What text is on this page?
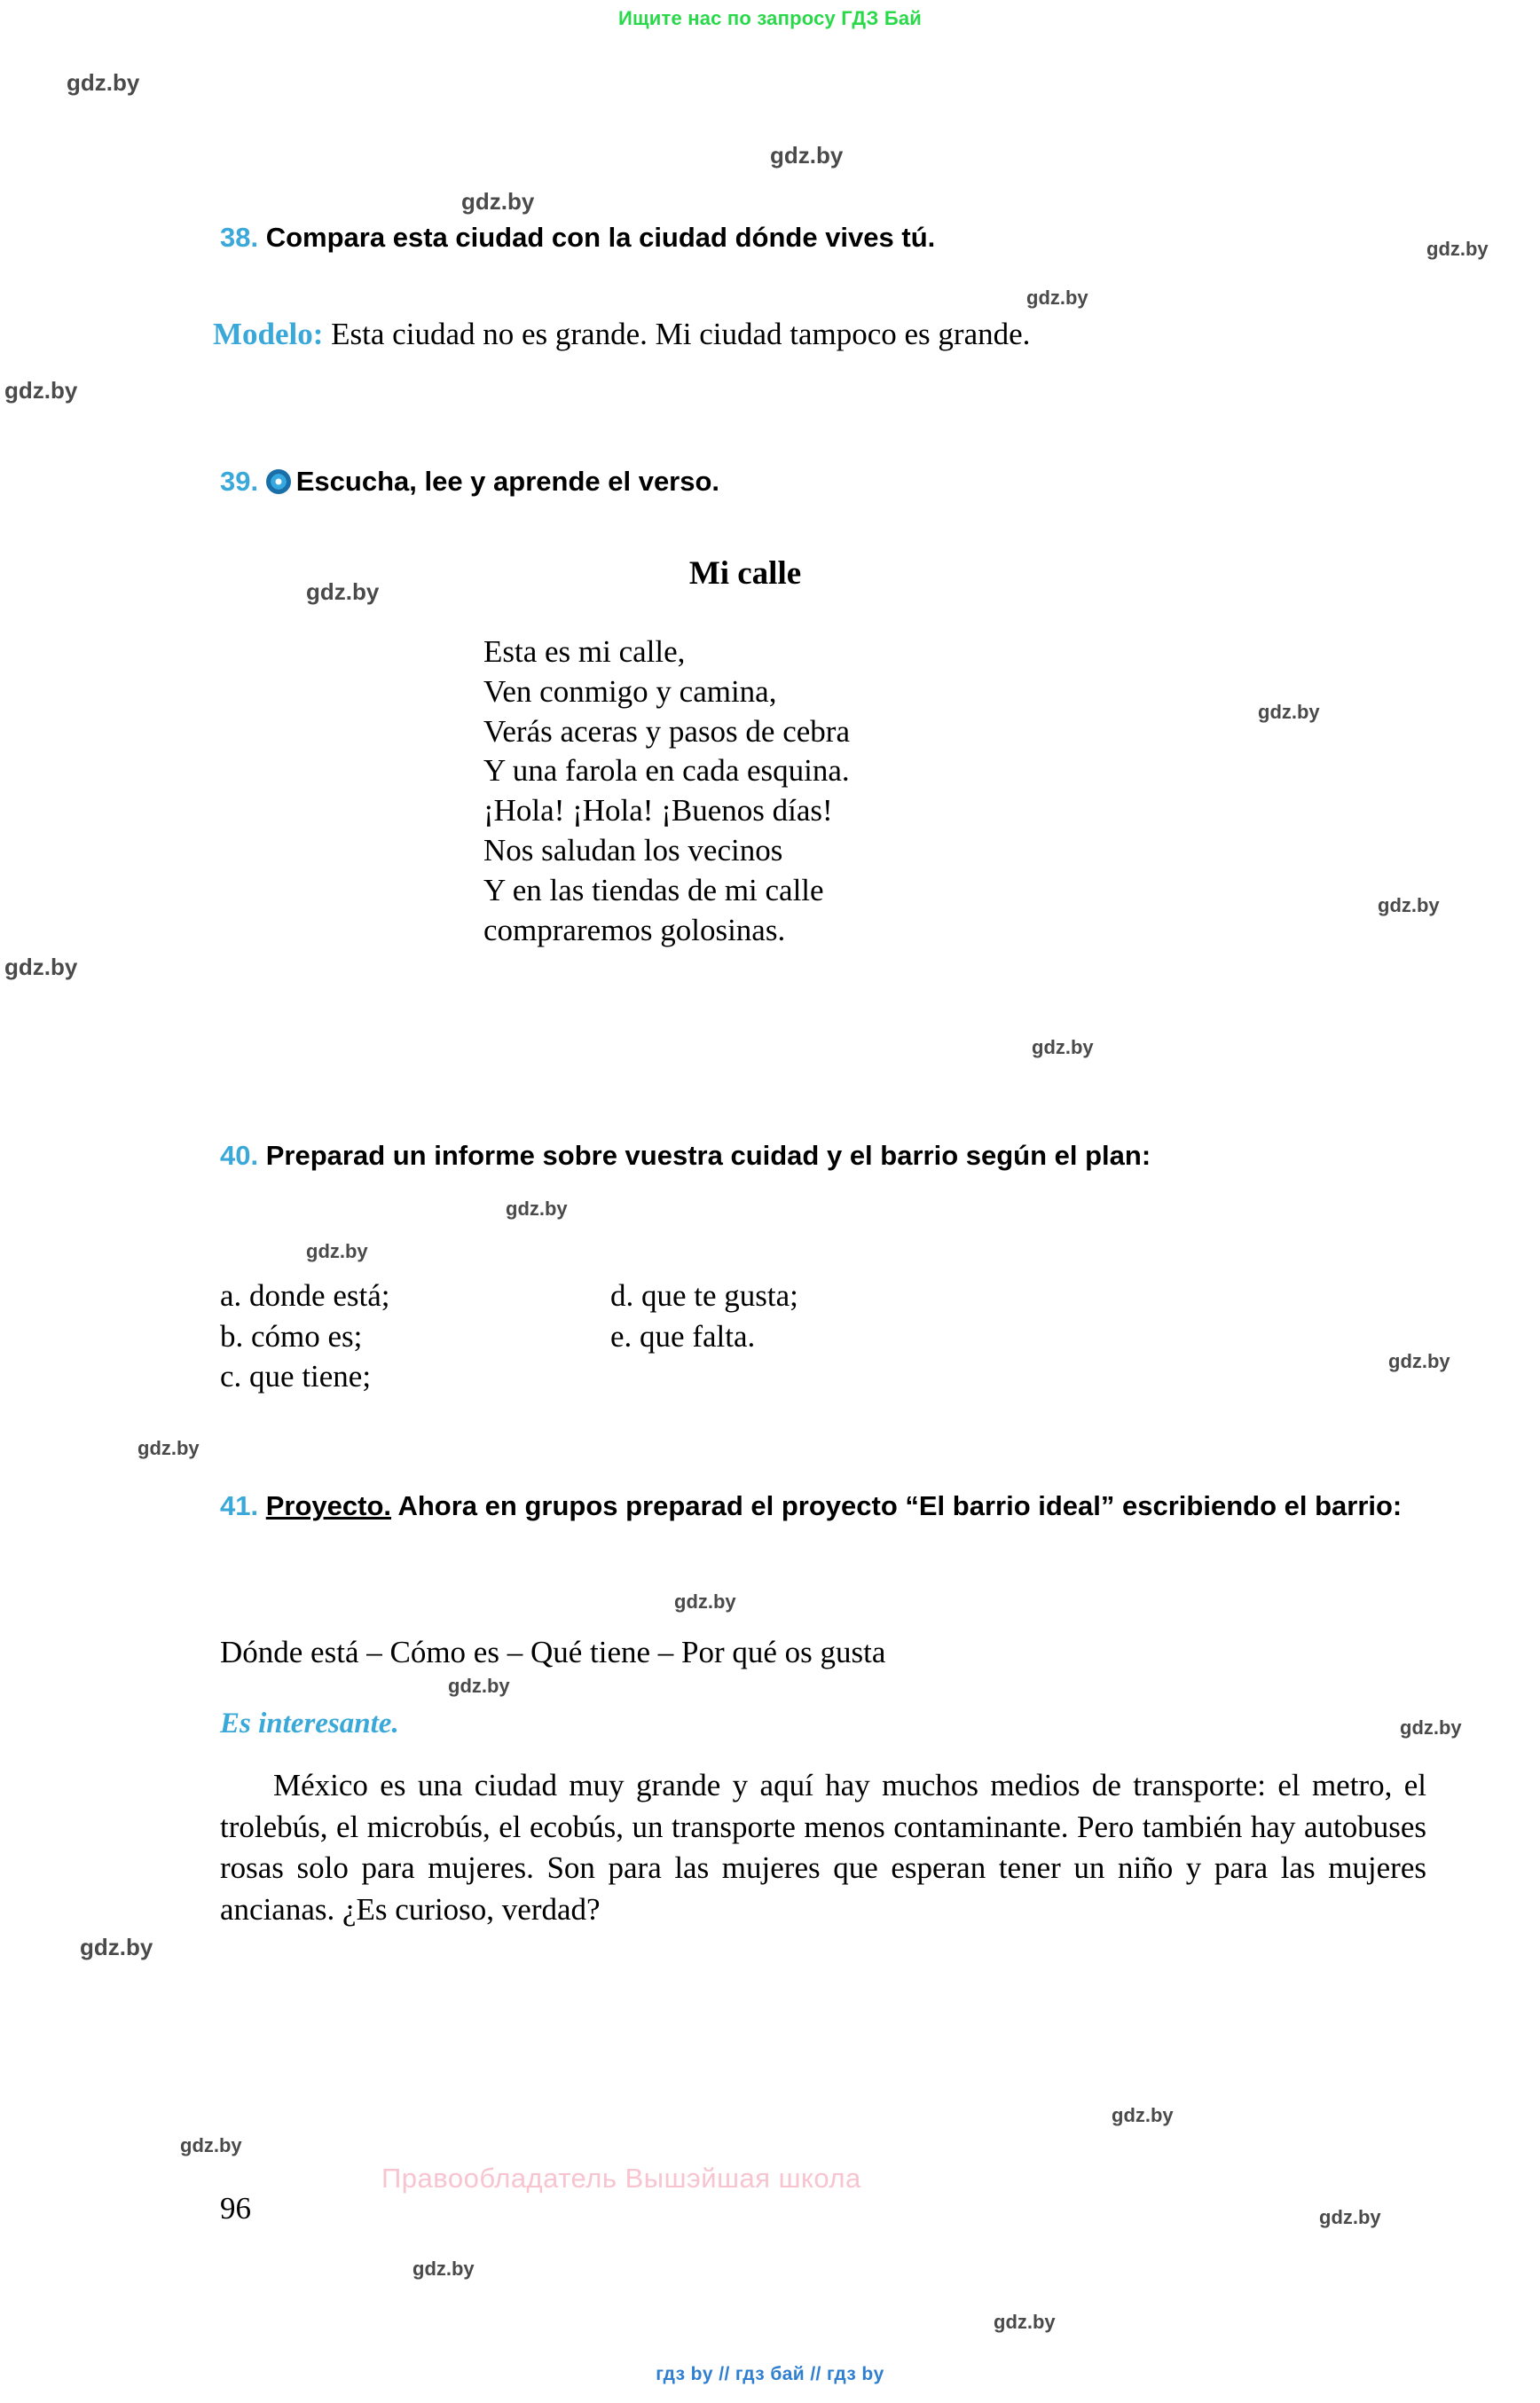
Ищите нас по запросу ГДЗ Бай
gdz.by
gdz.by
gdz.by
gdz.by
gdz.by
gdz.by
gdz.by
gdz.by
gdz.by
gdz.by
gdz.by
gdz.by
gdz.by
gdz.by
gdz.by
gdz.by
gdz.by
gdz.by
gdz.by
gdz.by
gdz.by
gdz.by
gdz.by
gdz.by
38. Compara esta ciudad con la ciudad dónde vives tú.
Modelo: Esta ciudad no es grande. Mi ciudad tampoco es grande.
39. Escucha, lee y aprende el verso.
Mi calle
Esta es mi calle,
Ven conmigo y camina,
Verás aceras y pasos de cebra
Y una farola en cada esquina.
¡Hola! ¡Hola! ¡Buenos días!
Nos saludan los vecinos
Y en las tiendas de mi calle
compraremos golosinas.
40. Preparad un informe sobre vuestra cuidad y el barrio según el plan:
a. donde está;
b. cómo es;
c. que tiene;
d. que te gusta;
e. que falta.
41. Proyecto. Ahora en grupos preparad el proyecto “El barrio ideal” escribiendo el barrio:
Dónde está – Cómo es – Qué tiene – Por qué os gusta
Es interesante.
México es una ciudad muy grande y aquí hay muchos medios de transporte: el metro, el trolebús, el microbús, el ecobús, un transporte menos contaminante. Pero también hay autobuses rosas solo para mujeres. Son para las mujeres que esperan tener un niño y para las mujeres ancianas. ¿Es curioso, verdad?
96
Правообладатель Вышэйшая школа
гдз by // гдз бай // гдз by
